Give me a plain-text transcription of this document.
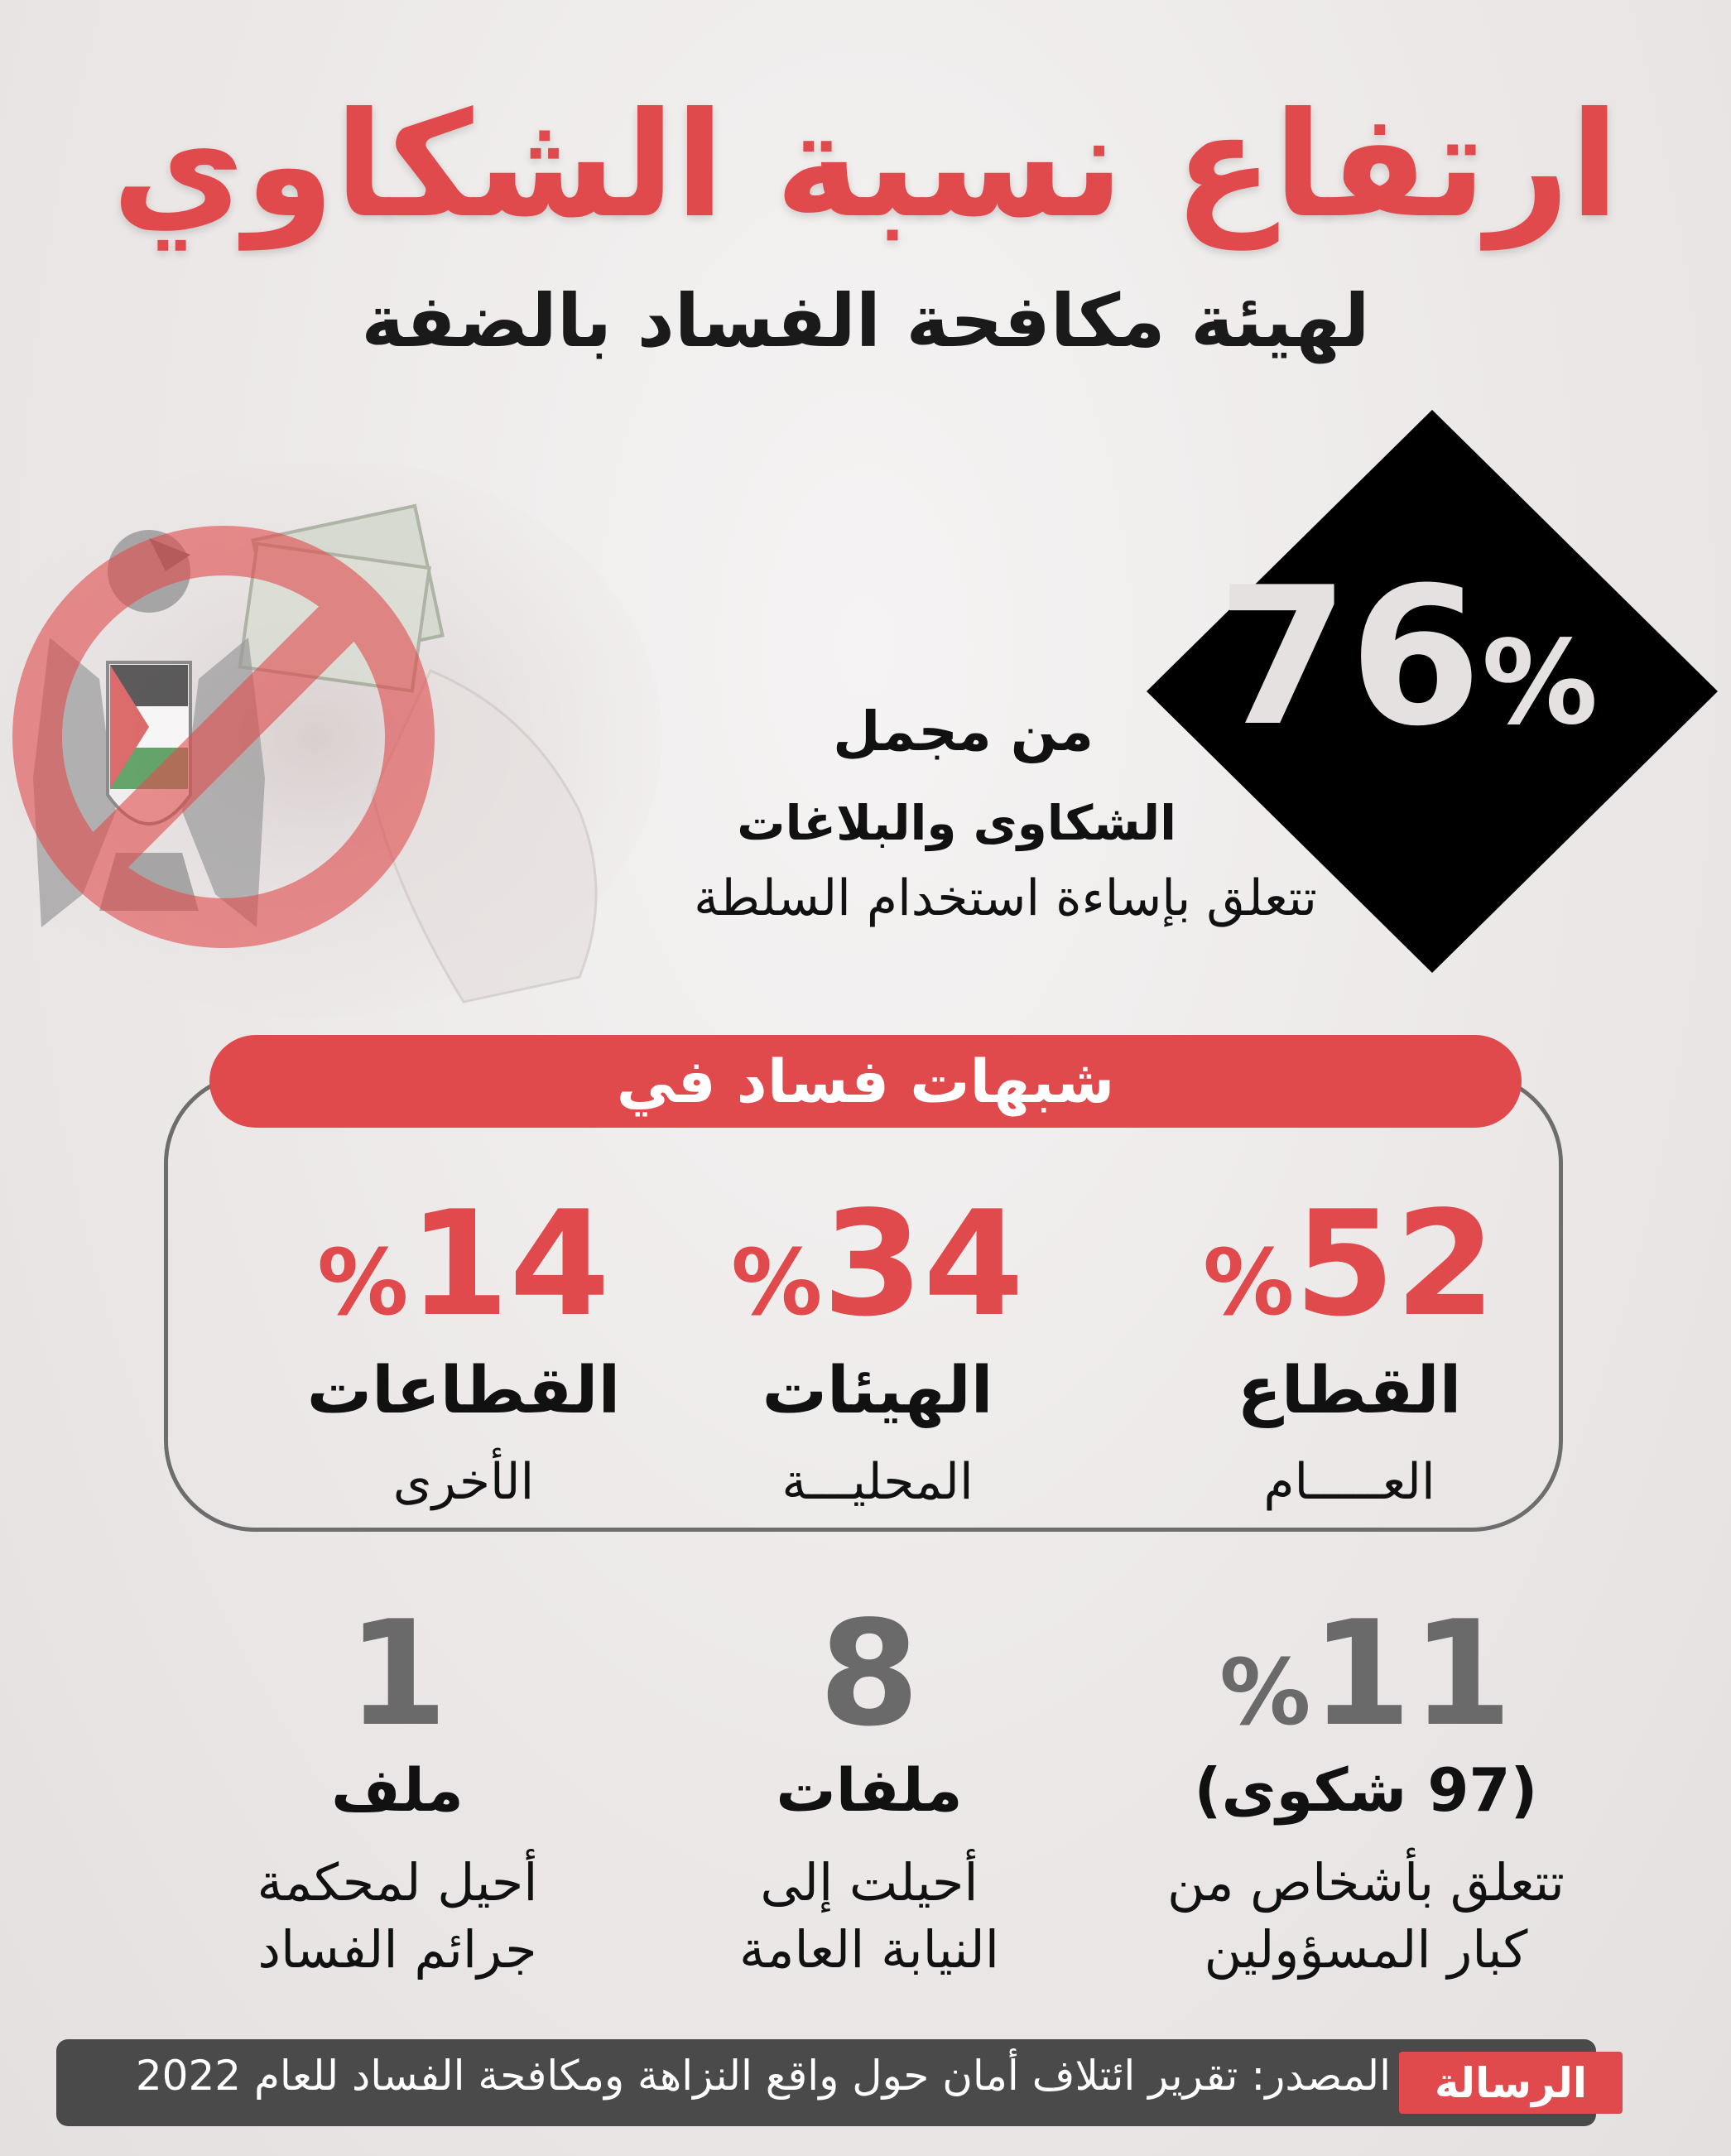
ارتفاع نسبة الشكاوي
لهيئة مكافحة الفساد بالضفة
76%
من مجمل
الشكاوى والبلاغات
تتعلق بإساءة استخدام السلطة
شبهات فساد في
%52
القطاع
العـــــام
%34
الهيئات
المحليـــة
%14
القطاعات
الأخرى
%11
(97 شكوى)
تتعلق بأشخاص من
كبار المسؤولين
8
ملفات
أحيلت إلى
النيابة العامة
1
ملف
أحيل لمحكمة
جرائم الفساد
المصدر: تقرير ائتلاف أمان حول واقع النزاهة ومكافحة الفساد للعام 2022	الرسالة
